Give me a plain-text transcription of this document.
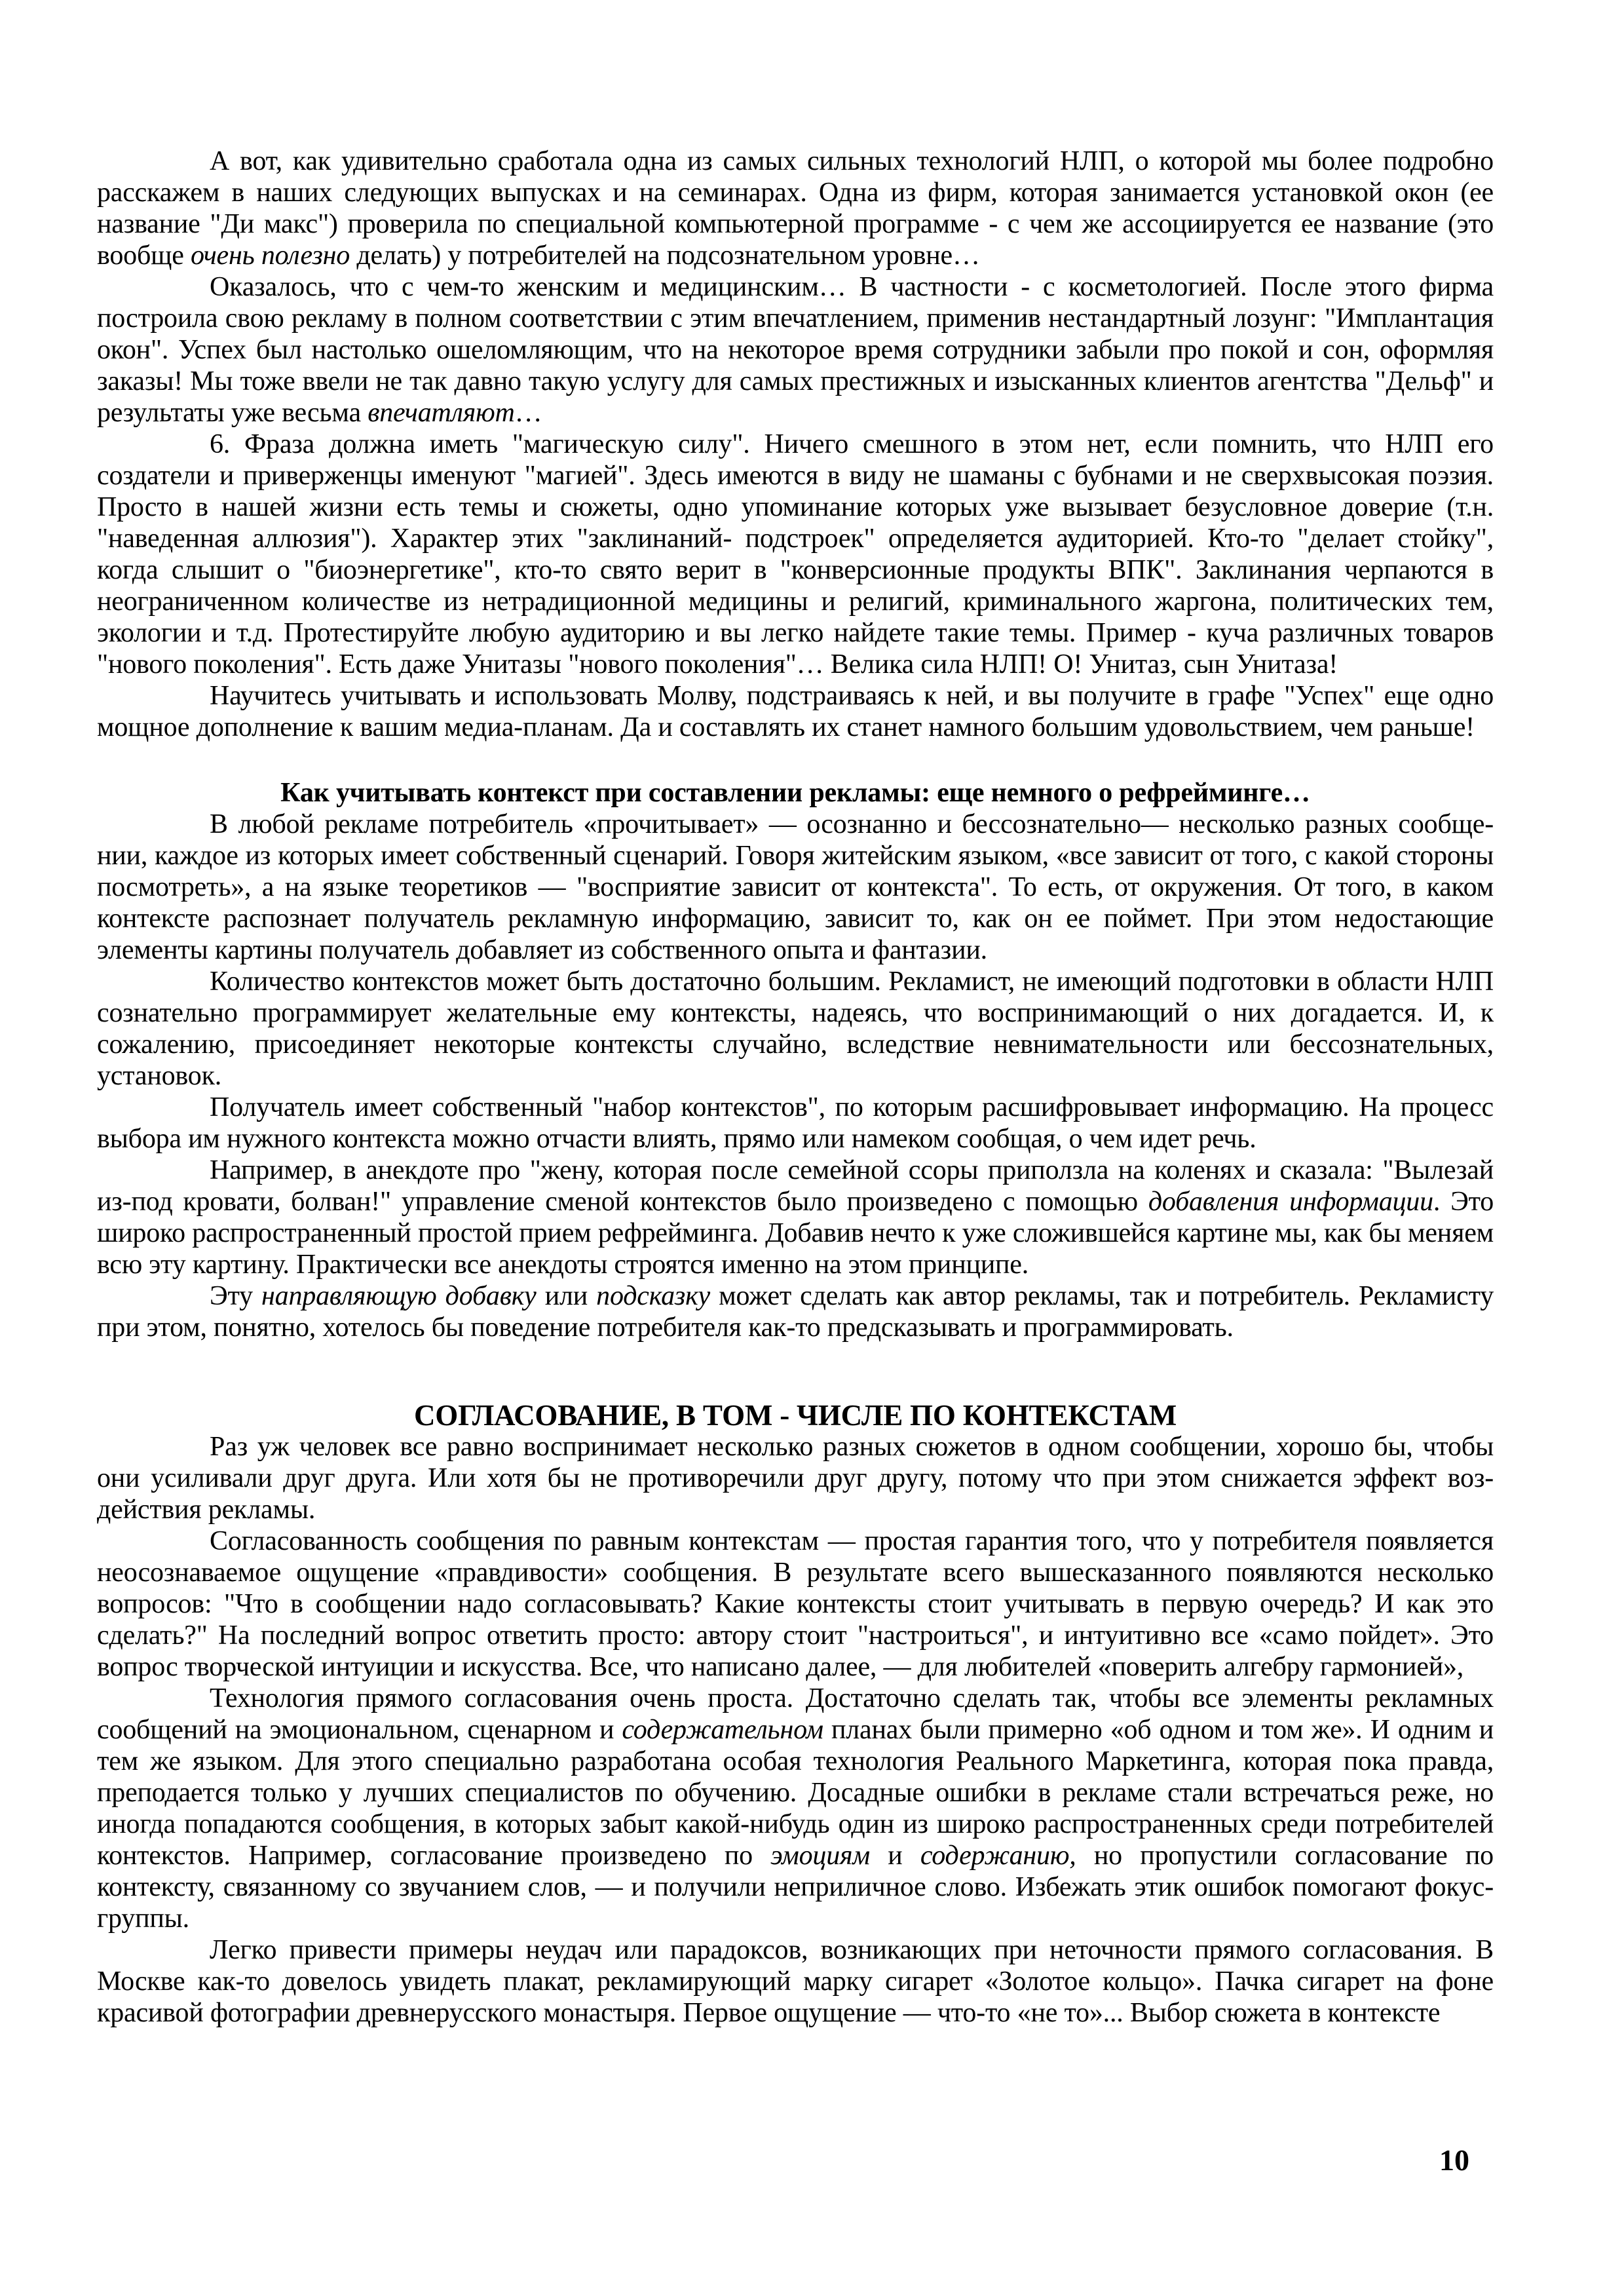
А вот, как удивительно сработала одна из самых сильных технологий НЛП, о которой мы более подробно расскажем в наших следующих выпусках и на семинарах. Одна из фирм, которая занимается установкой окон (ее название "Ди макс") проверила по специальной компьютерной программе - с чем же ассоциируется ее название (это вообще очень полезно делать) у потребителей на подсознательном уровне…

Оказалось, что с чем-то женским и медицинским… В частности - с косметологией. После этого фирма построила свою рекламу в полном соответствии с этим впечатлением, применив нестандартный лозунг: "Имплантация окон". Успех был настолько ошеломляющим, что на некоторое время сотрудники забыли про покой и сон, оформляя заказы! Мы тоже ввели не так давно такую услугу для самых престижных и изысканных клиентов агентства "Дельф" и результаты уже весьма впечатляют…

6. Фраза должна иметь "магическую силу". Ничего смешного в этом нет, если помнить, что НЛП его создатели и приверженцы именуют "магией". Здесь имеются в виду не шаманы с бубнами и не сверхвысокая поэзия. Просто в нашей жизни есть темы и сюжеты, одно упоминание которых уже вызывает безусловное доверие (т.н. "наведенная аллюзия"). Характер этих "заклинаний- подстроек" определяется аудиторией. Кто-то "делает стойку", когда слышит о "биоэнергетике", кто-то свято верит в "конверсионные продукты ВПК". Заклинания черпаются в неограниченном количестве из нетрадиционной медицины и религий, криминального жаргона, политических тем, экологии и т.д. Протестируйте любую аудиторию и вы легко найдете такие темы. Пример - куча различных товаров "нового поколения". Есть даже Унитазы "нового поколения"… Велика сила НЛП! О! Унитаз, сын Унитаза!

Научитесь учитывать и использовать Молву, подстраиваясь к ней, и вы получите в графе "Успех" еще одно мощное дополнение к вашим медиа-планам. Да и составлять их станет намного большим удовольствием, чем раньше!

Как учитывать контекст при составлении рекламы: еще немного о рефрейминге…

В любой рекламе потребитель «прочитывает» — осознанно и бессознательно— несколько разных сообще-нии, каждое из которых имеет собственный сценарий. Говоря житейским языком, «все зависит от того, с какой стороны посмотреть», а на языке теоретиков — "восприятие зависит от контекста". То есть, от окружения. От того, в каком контексте распознает получатель рекламную информацию, зависит то, как он ее поймет. При этом недостающие элементы картины получатель добавляет из собственного опыта и фантазии.

Количество контекстов может быть достаточно большим. Рекламист, не имеющий подготовки в области НЛП сознательно программирует желательные ему контексты, надеясь, что воспринимающий о них догадается. И, к сожалению, присоединяет некоторые контексты случайно, вследствие невнимательности или бессознательных, установок.

Получатель имеет собственный "набор контекстов", по которым расшифровывает информацию. На процесс выбора им нужного контекста можно отчасти влиять, прямо или намеком сообщая, о чем идет речь.

Например, в анекдоте про "жену, которая после семейной ссоры приползла на коленях и сказала: "Вылезай из-под кровати, болван!" управление сменой контекстов было произведено с помощью добавления информации. Это широко распространенный простой прием рефрейминга. Добавив нечто к уже сложившейся картине мы, как бы меняем всю эту картину. Практически все анекдоты строятся именно на этом принципе.

Эту направляющую добавку или подсказку может сделать как автор рекламы, так и потребитель. Рекламисту при этом, понятно, хотелось бы поведение потребителя как-то предсказывать и программировать.

СОГЛАСОВАНИЕ, В ТОМ - ЧИСЛЕ ПО КОНТЕКСТАМ

Раз уж человек все равно воспринимает несколько разных сюжетов в одном сообщении, хорошо бы, чтобы они усиливали друг друга. Или хотя бы не противоречили друг другу, потому что при этом снижается эффект воз-действия рекламы.

Согласованность сообщения по равным контекстам — простая гарантия того, что у потребителя появляется неосознаваемое ощущение «правдивости» сообщения. В результате всего вышесказанного появляются несколько вопросов: "Что в сообщении надо согласовывать? Какие контексты стоит учитывать в первую очередь? И как это сделать?" На последний вопрос ответить просто: автору стоит "настроиться", и интуитивно все «само пойдет». Это вопрос творческой интуиции и искусства. Все, что написано далее, — для любителей «поверить алгебру гармонией»,

Технология прямого согласования очень проста. Достаточно сделать так, чтобы все элементы рекламных сообщений на эмоциональном, сценарном и содержательном планах были примерно «об одном и том же». И одним и тем же языком. Для этого специально разработана особая технология Реального Маркетинга, которая пока правда, преподается только у лучших специалистов по обучению. Досадные ошибки в рекламе стали встречаться реже, но иногда попадаются сообщения, в которых забыт какой-нибудь один из широко распространенных среди потребителей контекстов. Например, согласование произведено по эмоциям и содержанию, но пропустили согласование по контексту, связанному со звучанием слов, — и получили неприличное слово. Избежать этик ошибок помогают фокус-группы.

Легко привести примеры неудач или парадоксов, возникающих при неточности прямого согласования. В Москве как-то довелось увидеть плакат, рекламирующий марку сигарет «Золотое кольцо». Пачка сигарет на фоне красивой фотографии древнерусского монастыря. Первое ощущение — что-то «не то»... Выбор сюжета в контексте

10
